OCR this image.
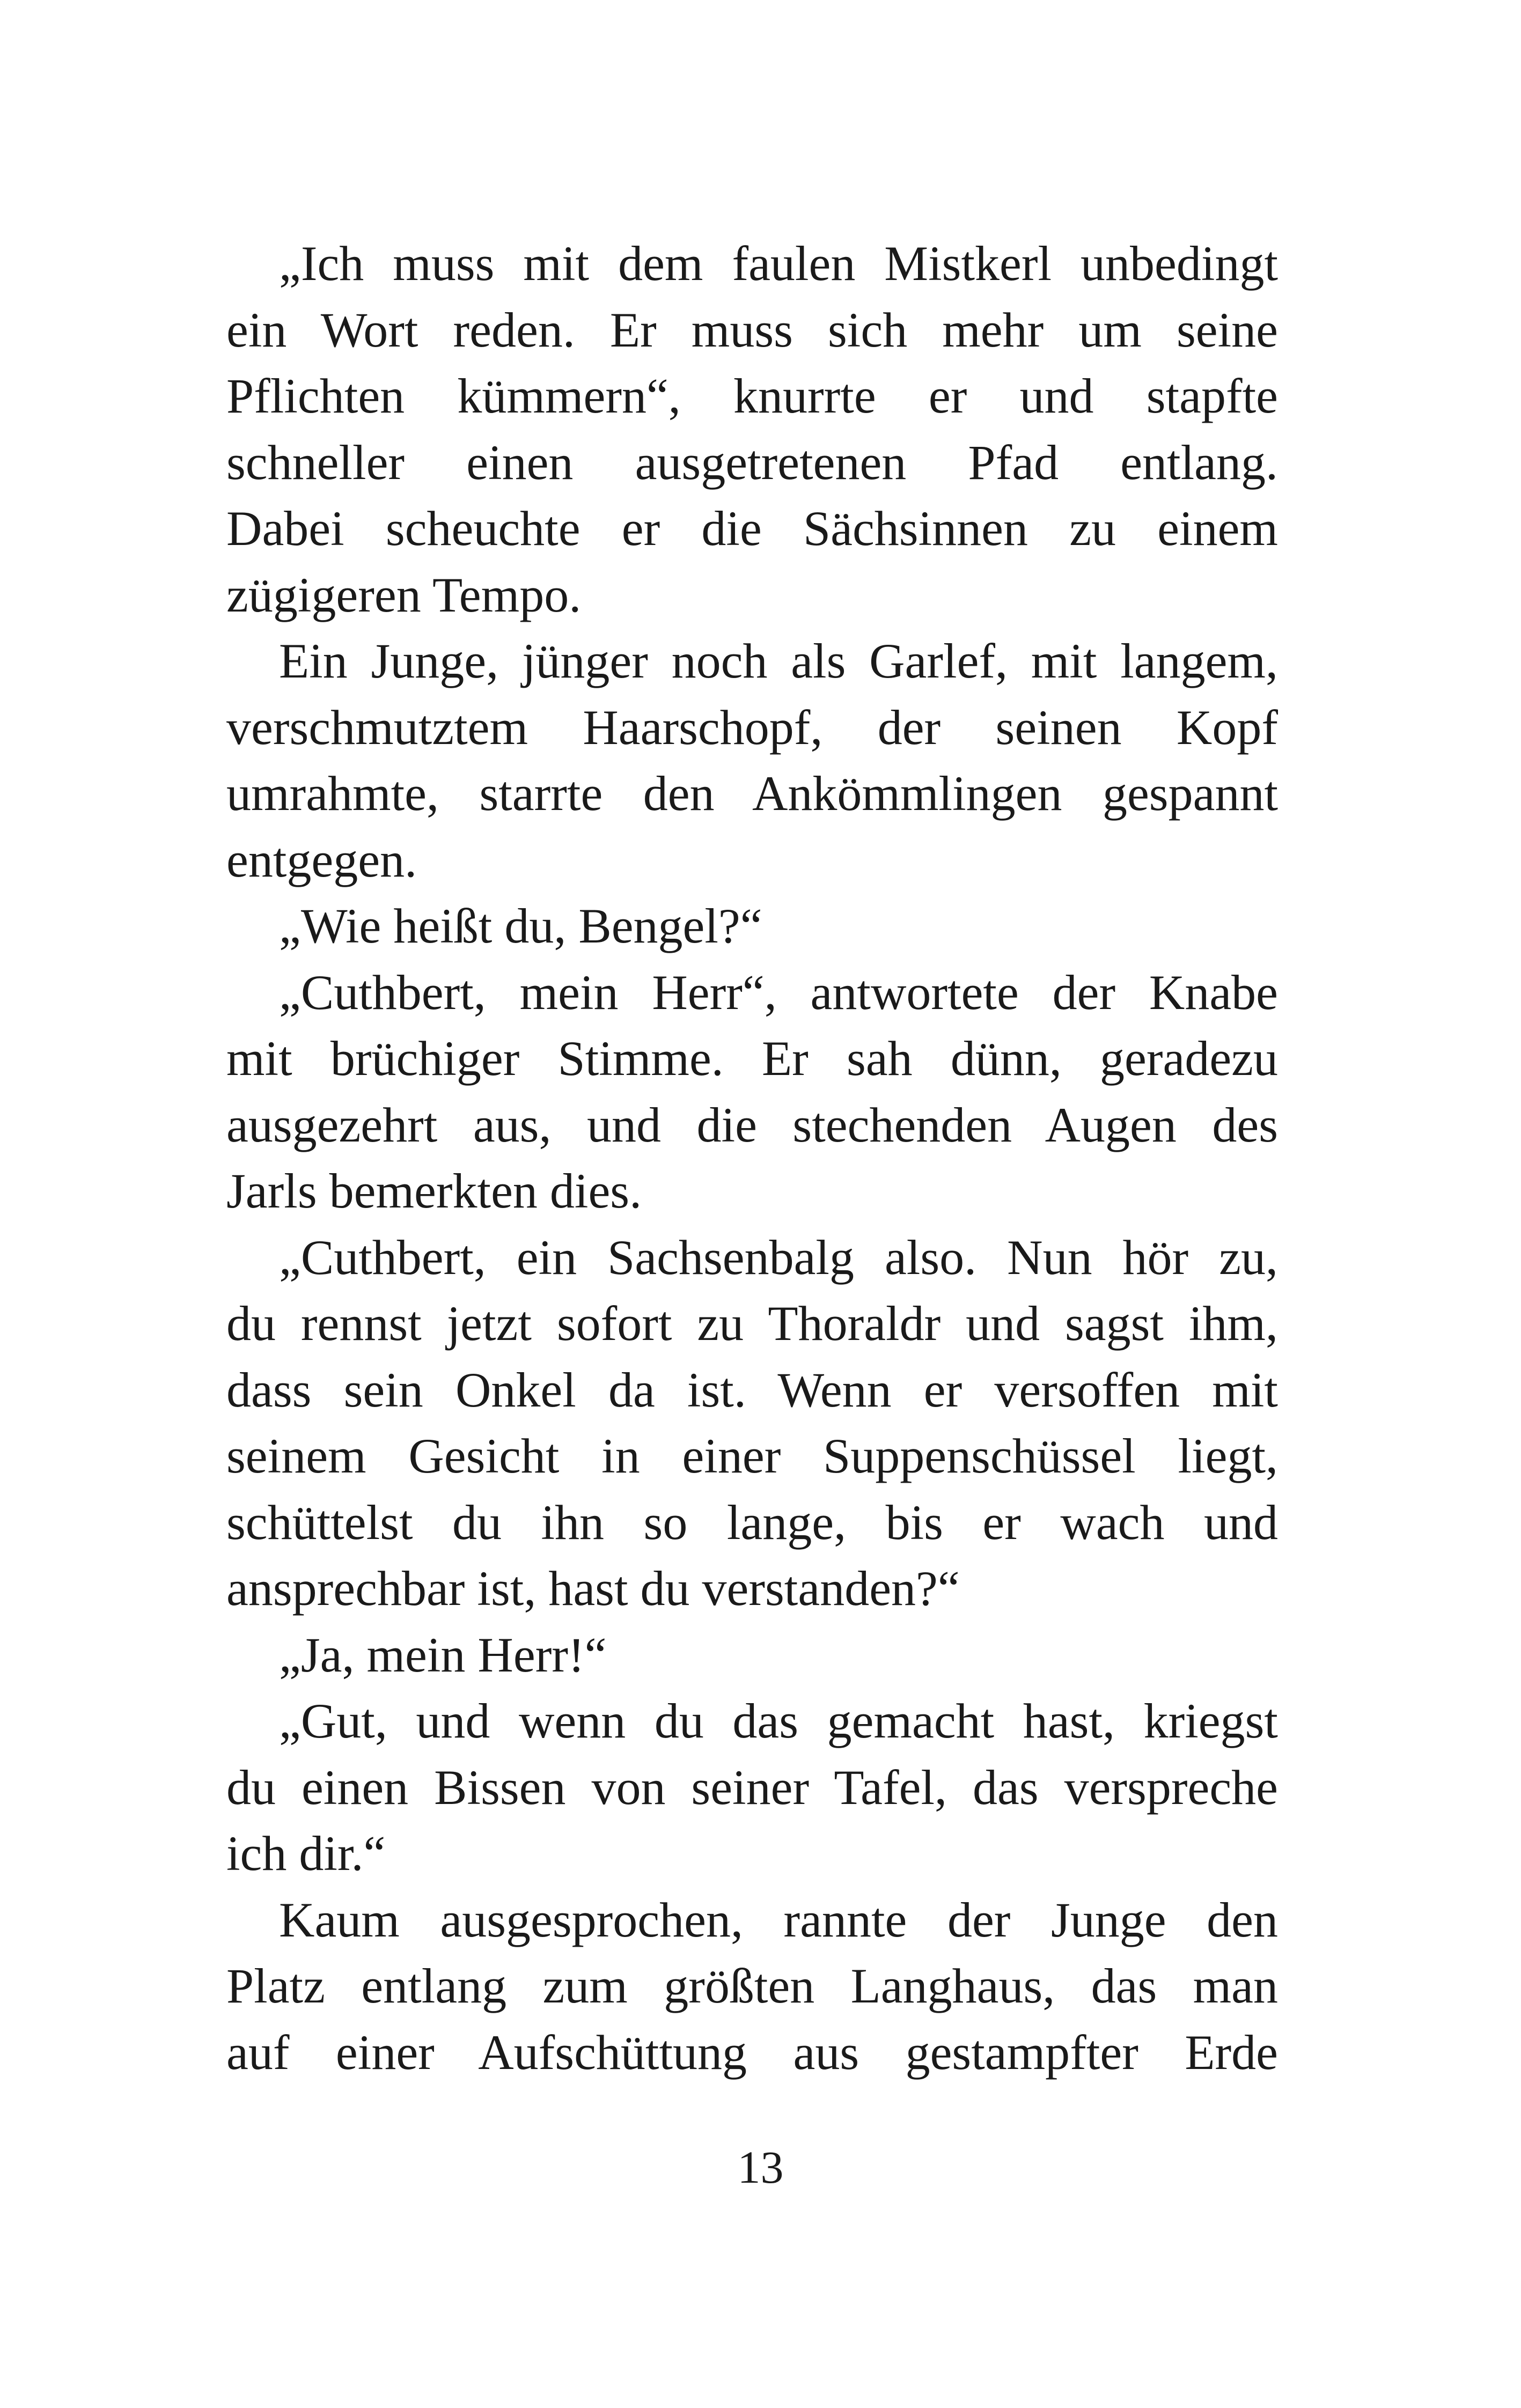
„Ich muss mit dem faulen Mistkerl unbedingt
ein Wort reden. Er muss sich mehr um seine
Pflichten kümmern“, knurrte er und stapfte
schneller einen ausgetretenen Pfad entlang.
Dabei scheuchte er die Sächsinnen zu einem
zügigeren Tempo.
Ein Junge, jünger noch als Garlef, mit langem,
verschmutztem Haarschopf, der seinen Kopf
umrahmte, starrte den Ankömmlingen gespannt
entgegen.
„Wie heißt du, Bengel?“
„Cuthbert, mein Herr“, antwortete der Knabe
mit brüchiger Stimme. Er sah dünn, geradezu
ausgezehrt aus, und die stechenden Augen des
Jarls bemerkten dies.
„Cuthbert, ein Sachsenbalg also. Nun hör zu,
du rennst jetzt sofort zu Thoraldr und sagst ihm,
dass sein Onkel da ist. Wenn er versoffen mit
seinem Gesicht in einer Suppenschüssel liegt,
schüttelst du ihn so lange, bis er wach und
ansprechbar ist, hast du verstanden?“
„Ja, mein Herr!“
„Gut, und wenn du das gemacht hast, kriegst
du einen Bissen von seiner Tafel, das verspreche
ich dir.“
Kaum ausgesprochen, rannte der Junge den
Platz entlang zum größten Langhaus, das man
auf einer Aufschüttung aus gestampfter Erde
13
